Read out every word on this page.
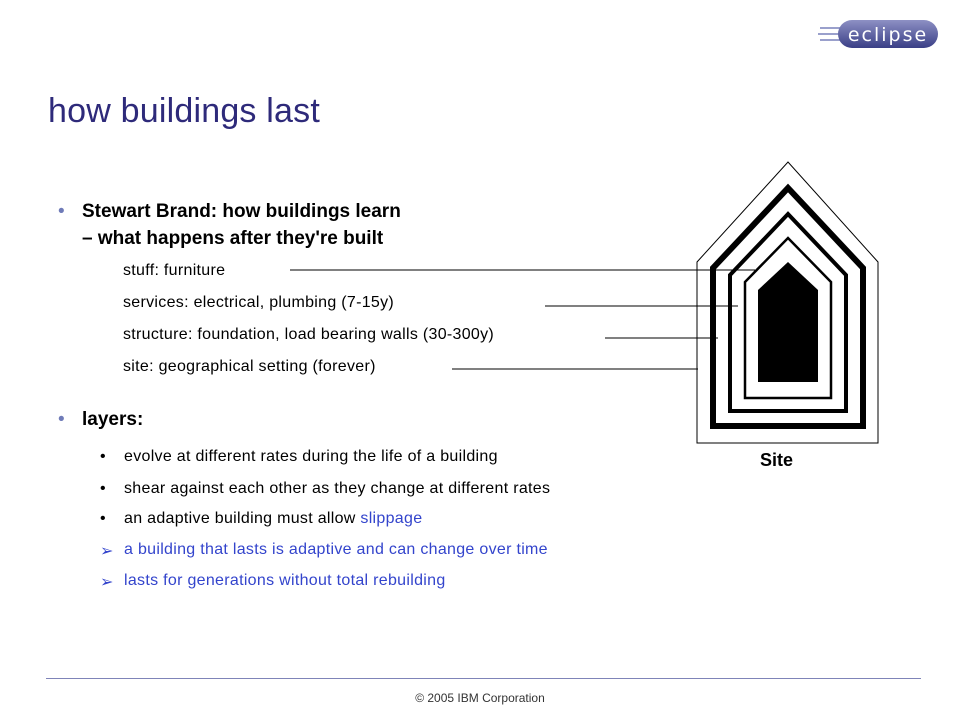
eclipse
how buildings last
• Stewart Brand: how buildings learn
– what happens after they're built
stuff: furniture
services: electrical, plumbing (7-15y)
structure: foundation, load bearing walls (30-300y)
site: geographical setting (forever)
• layers:
•	evolve at different rates during the life of a building
•	shear against each other as they change at different rates
•	an adaptive building must allow slippage
➢ a building that lasts is adaptive and can change over time
➢ lasts for generations without total rebuilding
Site
© 2005 IBM Corporation
